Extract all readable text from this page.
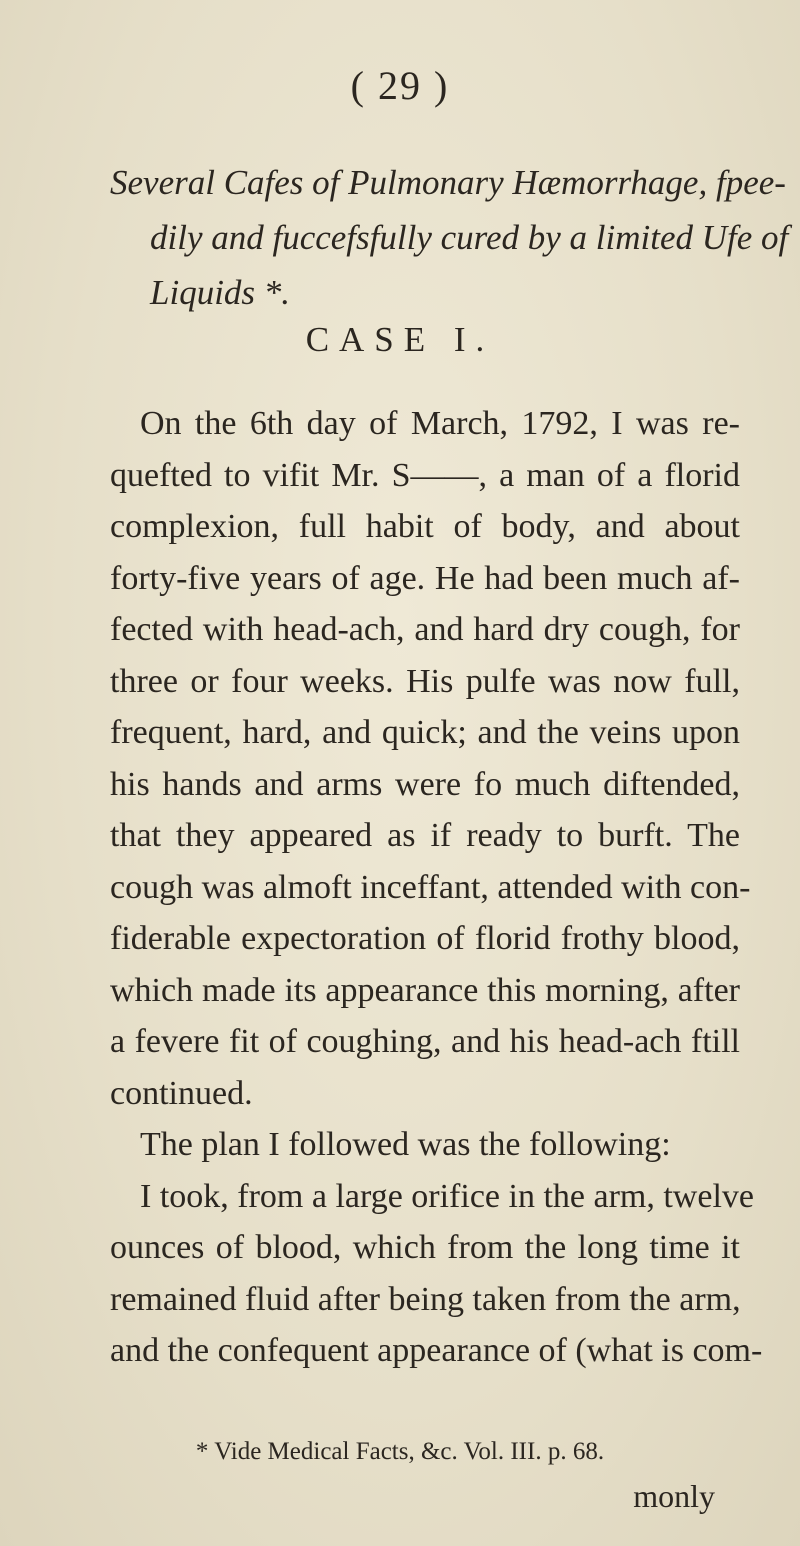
( 29 )
Several Cafes of Pulmonary Hæmorrhage, fpee-
dily and fuccefsfully cured by a limited Ufe of
Liquids *.
CASE I.
On the 6th day of March, 1792, I was re-
quefted to vifit Mr. S——, a man of a florid
complexion, full habit of body, and about
forty-five years of age. He had been much af-
fected with head-ach, and hard dry cough, for
three or four weeks. His pulfe was now full,
frequent, hard, and quick; and the veins upon
his hands and arms were fo much diftended,
that they appeared as if ready to burft. The
cough was almoft inceffant, attended with con-
fiderable expectoration of florid frothy blood,
which made its appearance this morning, after
a fevere fit of coughing, and his head-ach ftill
continued.
The plan I followed was the following:
I took, from a large orifice in the arm, twelve
ounces of blood, which from the long time it
remained fluid after being taken from the arm,
and the confequent appearance of (what is com-
* Vide Medical Facts, &c. Vol. III. p. 68.
monly
